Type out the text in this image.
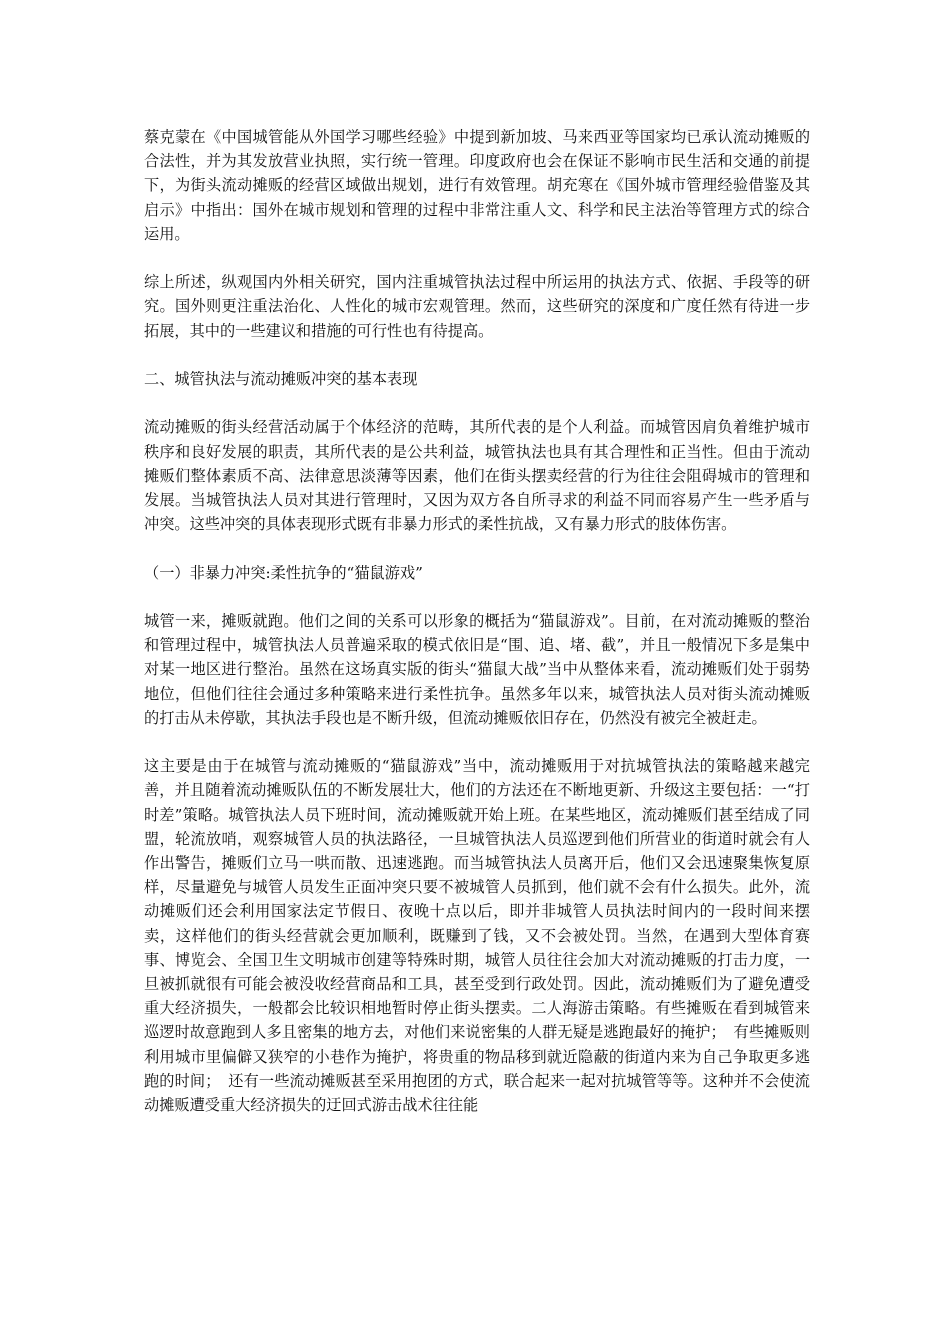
蔡克蒙在《中国城管能从外国学习哪些经验》中提到新加坡、马来西亚等国家均已承认流动摊贩的合法性，并为其发放营业执照，实行统一管理。印度政府也会在保证不影响市民生活和交通的前提下，为街头流动摊贩的经营区域做出规划，进行有效管理。胡充寒在《国外城市管理经验借鉴及其启示》中指出：国外在城市规划和管理的过程中非常注重人文、科学和民主法治等管理方式的综合运用。

综上所述，纵观国内外相关研究，国内注重城管执法过程中所运用的执法方式、依据、手段等的研究。国外则更注重法治化、人性化的城市宏观管理。然而，这些研究的深度和广度任然有待进一步拓展，其中的一些建议和措施的可行性也有待提高。

二、城管执法与流动摊贩冲突的基本表现

流动摊贩的街头经营活动属于个体经济的范畴，其所代表的是个人利益。而城管因肩负着维护城市秩序和良好发展的职责，其所代表的是公共利益，城管执法也具有其合理性和正当性。但由于流动摊贩们整体素质不高、法律意思淡薄等因素，他们在街头摆卖经营的行为往往会阻碍城市的管理和发展。当城管执法人员对其进行管理时，又因为双方各自所寻求的利益不同而容易产生一些矛盾与冲突。这些冲突的具体表现形式既有非暴力形式的柔性抗战，又有暴力形式的肢体伤害。

（一）非暴力冲突:柔性抗争的“猫鼠游戏”

城管一来，摊贩就跑。他们之间的关系可以形象的概括为“猫鼠游戏”。目前，在对流动摊贩的整治和管理过程中，城管执法人员普遍采取的模式依旧是“围、追、堵、截”，并且一般情况下多是集中对某一地区进行整治。虽然在这场真实版的街头“猫鼠大战”当中从整体来看，流动摊贩们处于弱势地位，但他们往往会通过多种策略来进行柔性抗争。虽然多年以来，城管执法人员对街头流动摊贩的打击从未停歇，其执法手段也是不断升级，但流动摊贩依旧存在，仍然没有被完全被赶走。

这主要是由于在城管与流动摊贩的“猫鼠游戏”当中，流动摊贩用于对抗城管执法的策略越来越完善，并且随着流动摊贩队伍的不断发展壮大，他们的方法还在不断地更新、升级这主要包括：一“打时差”策略。城管执法人员下班时间，流动摊贩就开始上班。在某些地区，流动摊贩们甚至结成了同盟，轮流放哨，观察城管人员的执法路径，一旦城管执法人员巡逻到他们所营业的街道时就会有人作出警告，摊贩们立马一哄而散、迅速逃跑。而当城管执法人员离开后，他们又会迅速聚集恢复原样，尽量避免与城管人员发生正面冲突只要不被城管人员抓到，他们就不会有什么损失。此外，流动摊贩们还会利用国家法定节假日、夜晚十点以后，即并非城管人员执法时间内的一段时间来摆卖，这样他们的街头经营就会更加顺利，既赚到了钱，又不会被处罚。当然，在遇到大型体育赛事、博览会、全国卫生文明城市创建等特殊时期，城管人员往往会加大对流动摊贩的打击力度，一旦被抓就很有可能会被没收经营商品和工具，甚至受到行政处罚。因此，流动摊贩们为了避免遭受重大经济损失，一般都会比较识相地暂时停止街头摆卖。二人海游击策略。有些摊贩在看到城管来巡逻时故意跑到人多且密集的地方去，对他们来说密集的人群无疑是逃跑最好的掩护；　有些摊贩则利用城市里偏僻又狭窄的小巷作为掩护，将贵重的物品移到就近隐蔽的街道内来为自己争取更多逃跑的时间；　还有一些流动摊贩甚至采用抱团的方式，联合起来一起对抗城管等等。这种并不会使流动摊贩遭受重大经济损失的迂回式游击战术往往能
